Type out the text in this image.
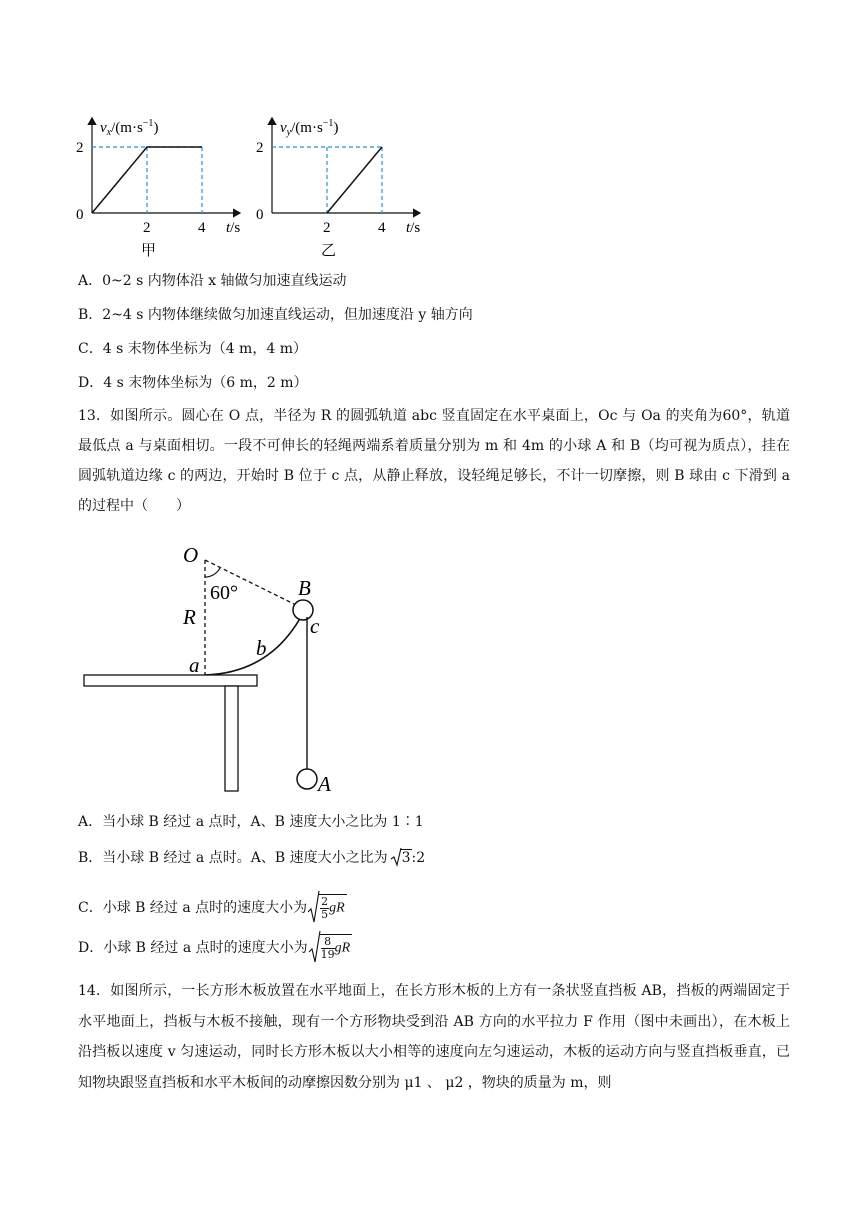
$v_x/(m\cdot s^{-1})$
2
0
2	4 t/s
甲
$v_y/(m\cdot s^{-1})$
2
0
2	4 t/s
乙
A．0~2 s 内物体沿 x 轴做匀加速直线运动
B．2~4 s 内物体继续做匀加速直线运动，但加速度沿 y 轴方向
C．4 s 末物体坐标为（4 m，4 m）
D．4 s 末物体坐标为（6 m，2 m）
13．如图所示。圆心在 O 点，半径为 R 的圆弧轨道 abc 竖直固定在水平桌面上，Oc 与 Oa 的夹角为60°，轨道最低点 a 与桌面相切。一段不可伸长的轻绳两端系着质量分别为 m 和 4m 的小球 A 和 B（均可视为质点），挂在圆弧轨道边缘 c 的两边，开始时 B 位于 c 点，从静止释放，设轻绳足够长，不计一切摩擦，则 B 球由 c 下滑到 a 的过程中（　　）
O
60°	B
c
R
b
a
A
A．当小球 B 经过 a 点时，A、B 速度大小之比为 1∶1
B．当小球 B 经过 a 点时。A、B 速度大小之比为 3:2
C．小球 B 经过 a 点时的速度大小为 $\frac{2}{5}$ gR
D．小球 B 经过 a 点时的速度大小为 $\frac{8}{19}$ gR
14．如图所示，一长方形木板放置在水平地面上，在长方形木板的上方有一条状竖直挡板 AB，挡板的两端固定于水平地面上，挡板与木板不接触，现有一个方形物块受到沿 AB 方向的水平拉力 F 作用（图中未画出），在木板上沿挡板以速度 v 匀速运动，同时长方形木板以大小相等的速度向左匀速运动，木板的运动方向与竖直挡板垂直，已知物块跟竖直挡板和水平木板间的动摩擦因数分别为 μ1 、 μ2 ，物块的质量为 m，则
